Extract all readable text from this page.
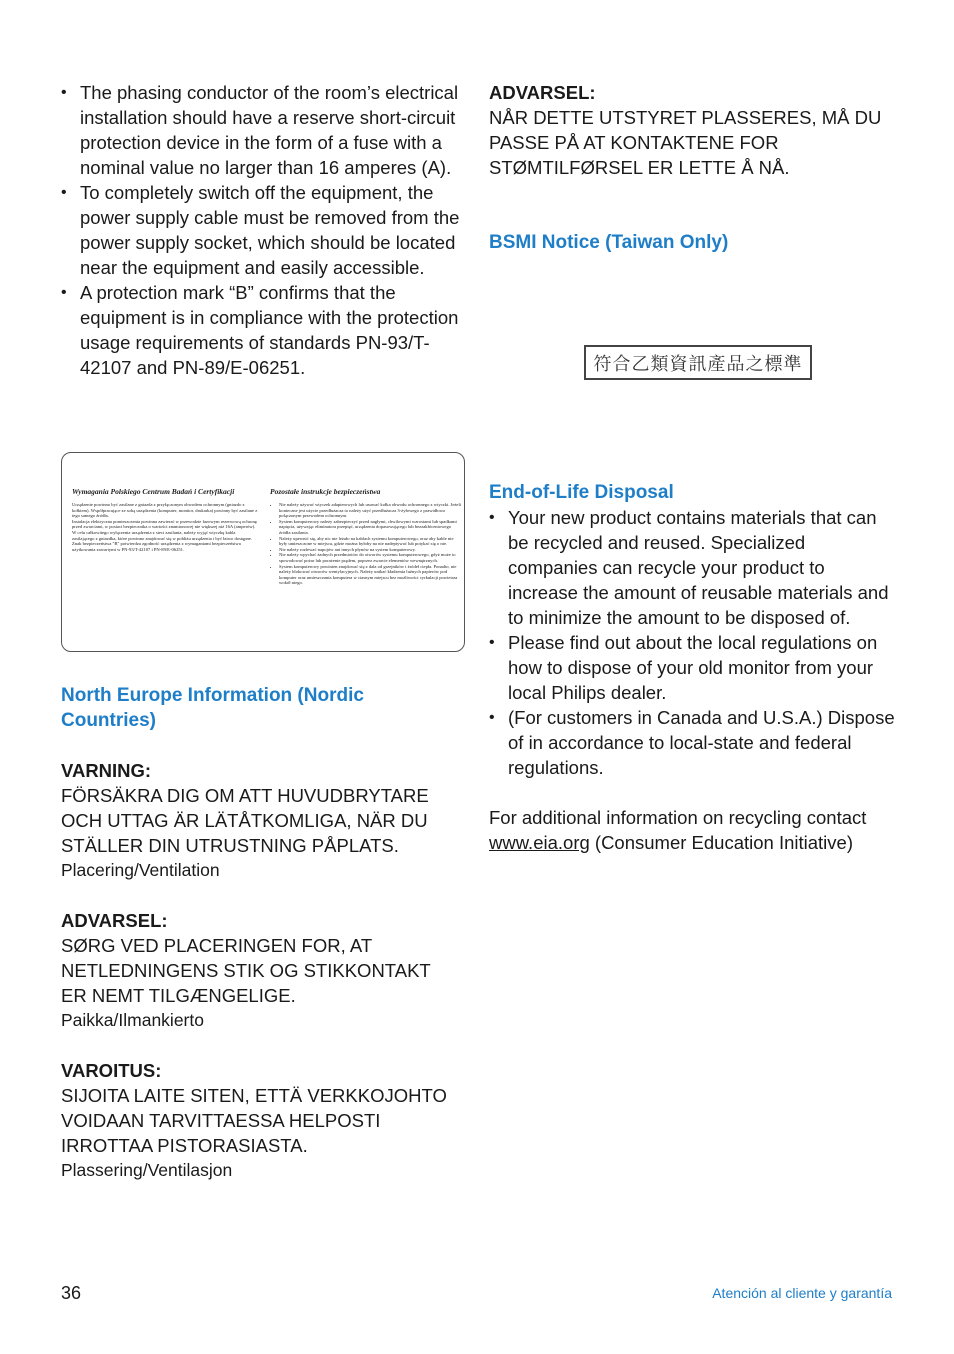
• The phasing conductor of the room’s electrical installation should have a reserve short-circuit protection device in the form of a fuse with a nominal value no larger than 16 amperes (A).
• To completely switch off the equipment, the power supply cable must be removed from the power supply socket, which should be located near the equipment and easily accessible.
• A protection mark “B” confirms that the equipment is in compliance with the protection usage requirements of standards PN-93/T-42107 and PN-89/E-06251.
Wymagania Polskiego Centrum Badań i Certyfikacji

Urządzenie powinno być zasilane z gniazda z przyłączonym obwodem ochronnym (gniazdo z kołkiem). Współpracujące ze sobą urządzenia (komputer, monitor, drukarka) powinny być zasilane z tego samego źródła.

Instalacja elektryczna pomieszczenia powinna zawierać w przewodzie fazowym rezerwową ochronę przed zwarciami, w postaci bezpiecznika o wartości znamionowej nie większej niż 16A (amperów).

W celu całkowitego wyłączenia urządzenia z sieci zasilania, należy wyjąć wtyczkę kabla zasilającego z gniazdka, które powinno znajdować się w pobliżu urządzenia i być łatwo dostępne.

Znak bezpieczeństwa "B" potwierdza zgodność urządzenia z wymaganiami bezpieczeństwa użytkowania zawartymi w PN-93/T-42107 i PN-89/E-06251.

Pozostałe instrukcje bezpieczeństwa
• Nie należy używać wtyczek adapterowych lub usuwać kołka obwodu ochronnego z wtyczki. Jeżeli konieczne jest użycie przedłużacza to należy użyć przedłużacza 3-żyłowego z prawidłowo połączonym przewodem ochronnym.
• System komputerowy należy zabezpieczyć przed nagłymi, chwilowymi wzrostami lub spadkami napięcia, używając eliminatora przepięć, urządzenia dopasowującego lub bezzakłóceniowego źródła zasilania.
• Należy upewnić się, aby nic nie leżało na kablach systemu komputerowego, oraz aby kable nie były umieszczone w miejscu, gdzie można byłoby na nie nadeptywać lub potykać się o nie.
• Nie należy rozlewać napojów ani innych płynów na system komputerowy.
• Nie należy wpychać żadnych przedmiotów do otworów systemu komputerowego, gdyż może to spowodować pożar lub porażenie prądem, poprzez zwarcie elementów wewnętrznych.
• System komputerowy powinien znajdować się z dala od grzejników i źródeł ciepła. Ponadto, nie należy blokować otworów wentylacyjnych. Należy unikać kładzenia luźnych papierów pod komputer oraz umieszczania komputera w ciasnym miejscu bez możliwości cyrkulacji powietrza wokół niego.
North Europe Information (Nordic Countries)

VARNING:

FÖRSÄKRA DIG OM ATT HUVUDBRYTARE OCH UTTAG ÄR LÄTÅTKOMLIGA, NÄR DU STÄLLER DIN UTRUSTNING PÅPLATS.

Placering/Ventilation

ADVARSEL:

SØRG VED PLACERINGEN FOR, AT NETLEDNINGENS STIK OG STIKKONTAKT ER NEMT TILGÆNGELIGE.

Paikka/Ilmankierto

VAROITUS:

SIJOITA LAITE SITEN, ETTÄ VERKKOJOHTO VOIDAAN TARVITTAESSA HELPOSTI IRROTTAA PISTORASIASTA.

Plassering/Ventilasjon

ADVARSEL:

NÅR DETTE UTSTYRET PLASSERES, MÅ DU PASSE PÅ AT KONTAKTENE FOR STØMTILFØRSEL ER LETTE Å NÅ.

BSMI Notice (Taiwan Only)
符合乙類資訊產品之標準
End-of-Life Disposal
• Your new product contains materials that can be recycled and reused. Specialized companies can recycle your product to increase the amount of reusable materials and to minimize the amount to be disposed of.
• Please find out about the local regulations on how to dispose of your old monitor from your local Philips dealer.
• (For customers in Canada and U.S.A.) Dispose of in accordance to local-state and federal regulations.

For additional information on recycling contact
www.eia.org (Consumer Education Initiative)

36	Atención al cliente y garantía
